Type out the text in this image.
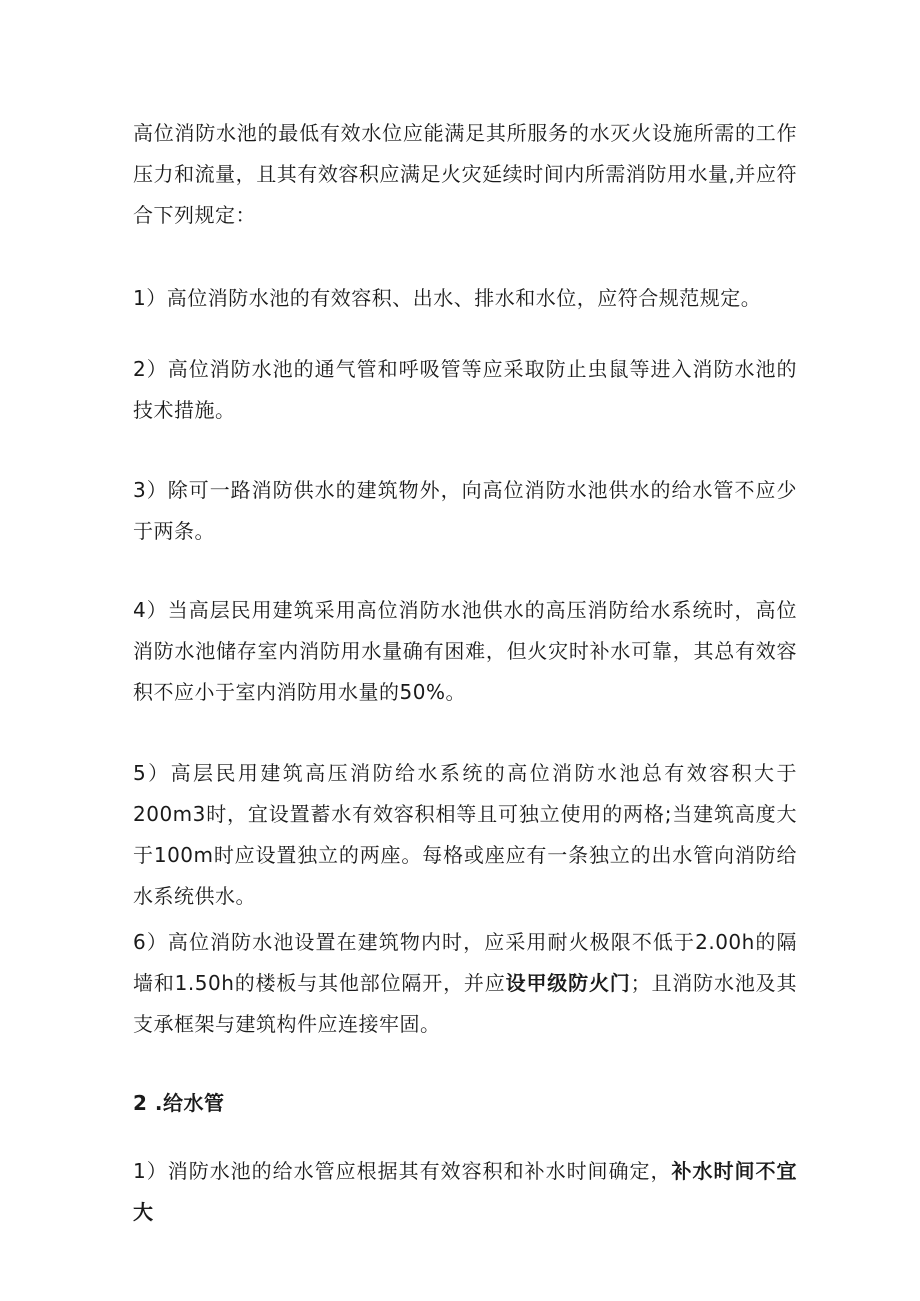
高位消防水池的最低有效水位应能满足其所服务的水灭火设施所需的工作压力和流量，且其有效容积应满足火灾延续时间内所需消防用水量,并应符合下列规定：

1）高位消防水池的有效容积、出水、排水和水位，应符合规范规定。

2）高位消防水池的通气管和呼吸管等应采取防止虫鼠等进入消防水池的技术措施。

3）除可一路消防供水的建筑物外，向高位消防水池供水的给水管不应少于两条。

4）当高层民用建筑采用高位消防水池供水的高压消防给水系统时，高位消防水池储存室内消防用水量确有困难，但火灾时补水可靠，其总有效容积不应小于室内消防用水量的50%。

5）高层民用建筑高压消防给水系统的高位消防水池总有效容积大于200m3时，宜设置蓄水有效容积相等且可独立使用的两格;当建筑高度大于100m时应设置独立的两座。每格或座应有一条独立的出水管向消防给水系统供水。

6）高位消防水池设置在建筑物内时，应采用耐火极限不低于2.00h的隔墙和1.50h的楼板与其他部位隔开，并应设甲级防火门；且消防水池及其支承框架与建筑构件应连接牢固。

2 .给水管

1）消防水池的给水管应根据其有效容积和补水时间确定，补水时间不宜大
